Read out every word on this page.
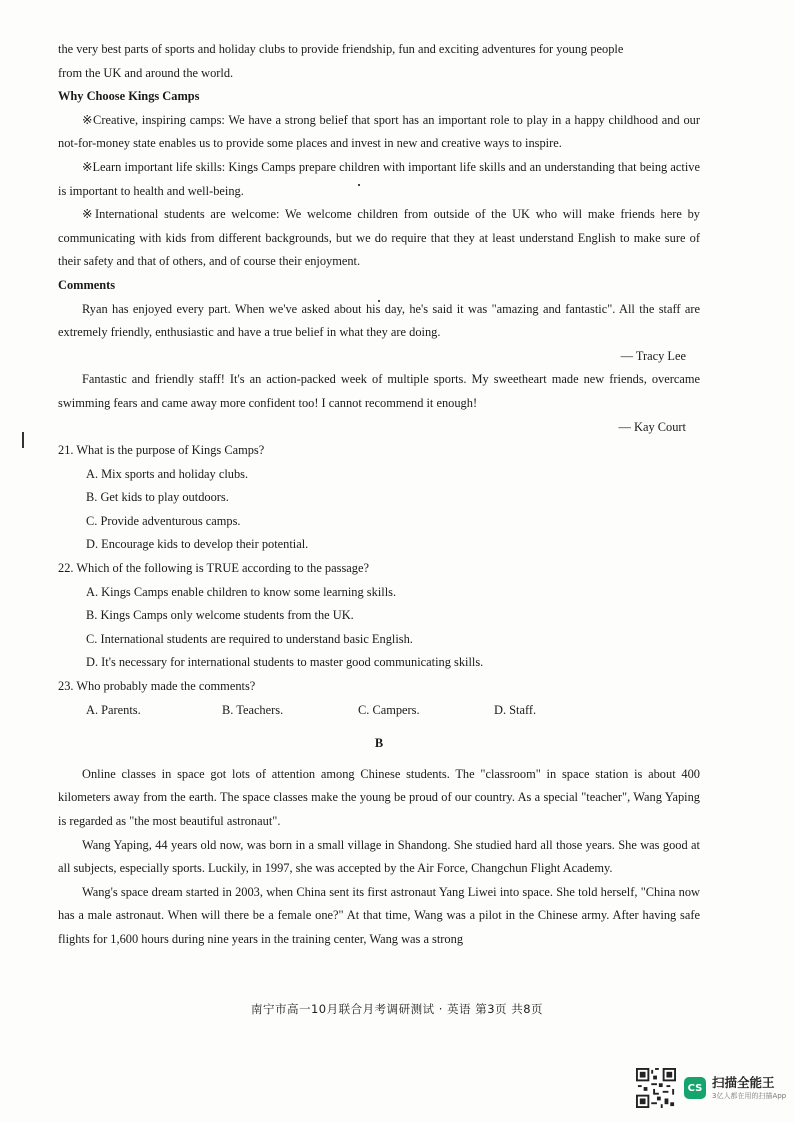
the very best parts of sports and holiday clubs to provide friendship, fun and exciting adventures for young people

from the UK and around the world.

Why Choose Kings Camps

※Creative, inspiring camps: We have a strong belief that sport has an important role to play in a happy childhood and our not-for-money state enables us to provide some places and invest in new and creative ways to inspire.

※Learn important life skills: Kings Camps prepare children with important life skills and an understanding that being active is important to health and well-being.

※International students are welcome: We welcome children from outside of the UK who will make friends here by communicating with kids from different backgrounds, but we do require that they at least understand English to make sure of their safety and that of others, and of course their enjoyment.

Comments

Ryan has enjoyed every part. When we've asked about his day, he's said it was "amazing and fantastic". All the staff are extremely friendly, enthusiastic and have a true belief in what they are doing.

— Tracy Lee

Fantastic and friendly staff! It's an action-packed week of multiple sports. My sweetheart made new friends, overcame swimming fears and came away more confident too! I cannot recommend it enough!

— Kay Court

21. What is the purpose of Kings Camps?

A. Mix sports and holiday clubs.

B. Get kids to play outdoors.

C. Provide adventurous camps.

D. Encourage kids to develop their potential.

22. Which of the following is TRUE according to the passage?

A. Kings Camps enable children to know some learning skills.

B. Kings Camps only welcome students from the UK.

C. International students are required to understand basic English.

D. It's necessary for international students to master good communicating skills.

23. Who probably made the comments?

A. Parents.	B. Teachers.	C. Campers.	D. Staff.

B

Online classes in space got lots of attention among Chinese students. The "classroom" in space station is about 400 kilometers away from the earth. The space classes make the young be proud of our country. As a special "teacher", Wang Yaping is regarded as "the most beautiful astronaut".

Wang Yaping, 44 years old now, was born in a small village in Shandong. She studied hard all those years. She was good at all subjects, especially sports. Luckily, in 1997, she was accepted by the Air Force, Changchun Flight Academy.

Wang's space dream started in 2003, when China sent its first astronaut Yang Liwei into space. She told herself, "China now has a male astronaut. When will there be a female one?" At that time, Wang was a pilot in the Chinese army. After having safe flights for 1,600 hours during nine years in the training center, Wang was a strong

南宁市高一10月联合月考调研测试 · 英语 第3页 共8页
CS 扫描全能王
3亿人都在用的扫描App
